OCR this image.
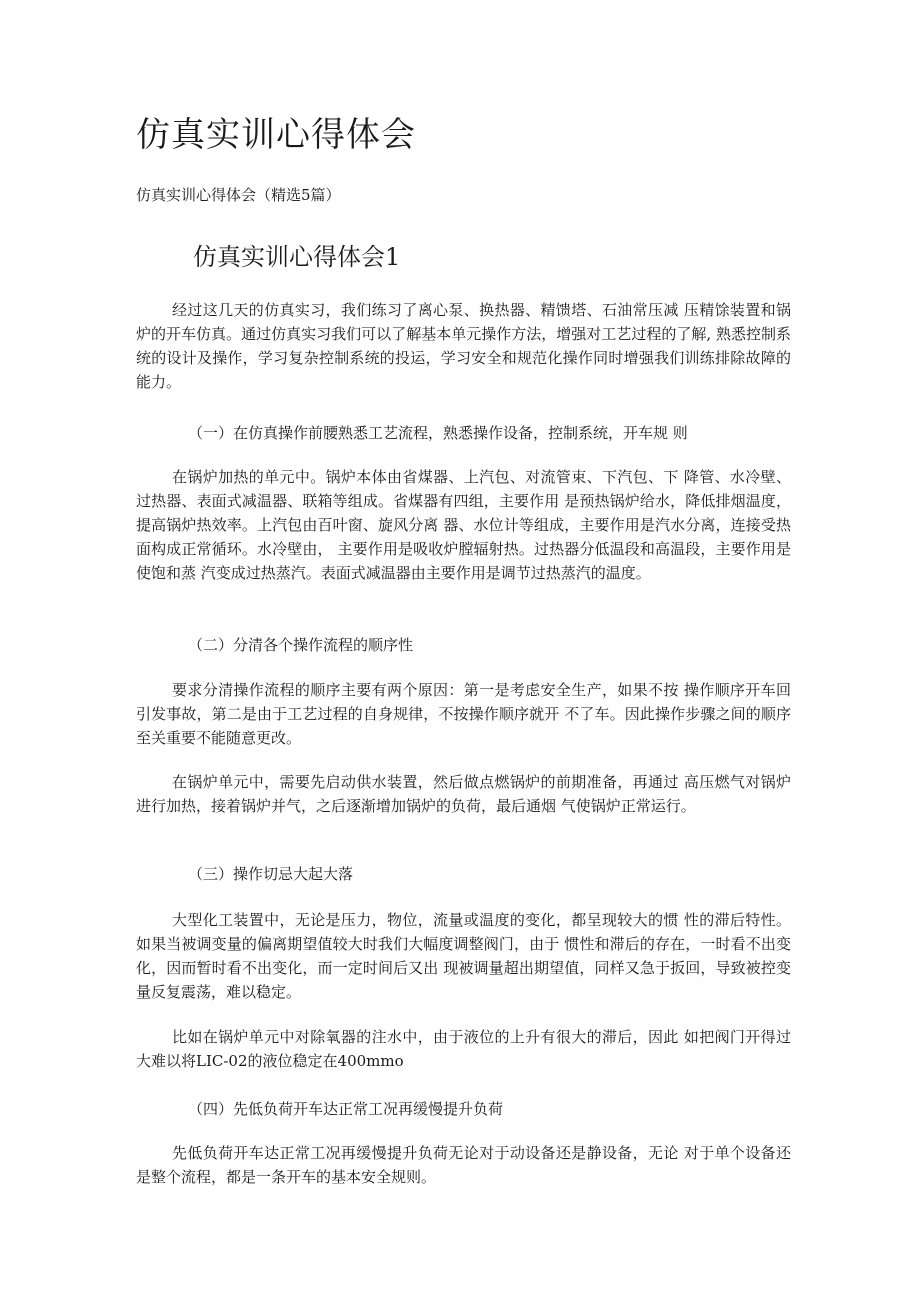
仿真实训心得体会

仿真实训心得体会（精选5篇）

仿真实训心得体会1

经过这几天的仿真实习，我们练习了离心泵、换热器、精馈塔、石油常压减 压精馀装置和锅炉的开车仿真。通过仿真实习我们可以了解基本单元操作方法，增强对工艺过程的了解, 熟悉控制系统的设计及操作，学习复杂控制系统的投运，学习安全和规范化操作同时增强我们训练排除故障的能力。

（一）在仿真操作前腰熟悉工艺流程，熟悉操作设备，控制系统，开车规 则

在锅炉加热的单元中。锅炉本体由省煤器、上汽包、对流管束、下汽包、下 降管、水冷壁、过热器、表面式减温器、联箱等组成。省煤器有四组，主要作用 是预热锅炉给水，降低排烟温度，提高锅炉热效率。上汽包由百叶窗、旋风分离 器、水位计等组成，主要作用是汽水分离，连接受热面构成正常循环。水冷壁由， 主要作用是吸收炉膛辐射热。过热器分低温段和高温段，主要作用是使饱和蒸 汽变成过热蒸汽。表面式减温器由主要作用是调节过热蒸汽的温度。

（二）分清各个操作流程的顺序性

要求分清操作流程的顺序主要有两个原因：第一是考虑安全生产，如果不按 操作顺序开车回引发事故，第二是由于工艺过程的自身规律，不按操作顺序就开 不了车。因此操作步骤之间的顺序至关重要不能随意更改。

在锅炉单元中，需要先启动供水装置，然后做点燃锅炉的前期准备，再通过 高压燃气对锅炉进行加热，接着锅炉并气，之后逐渐增加锅炉的负荷，最后通烟 气使锅炉正常运行。

（三）操作切忌大起大落

大型化工装置中，无论是压力，物位，流量或温度的变化，都呈现较大的惯 性的滞后特性。如果当被调变量的偏离期望值较大时我们大幅度调整阀门，由于 惯性和滞后的存在，一时看不出变化，因而暂时看不出变化，而一定时间后又出 现被调量超出期望值，同样又急于扳回，导致被控变量反复震荡，难以稳定。

比如在锅炉单元中对除氧器的注水中，由于液位的上升有很大的滞后，因此 如把阀门开得过大难以将LIC-02的液位稳定在400mmo

（四）先低负荷开车达正常工况再缓慢提升负荷

先低负荷开车达正常工况再缓慢提升负荷无论对于动设备还是静设备，无论 对于单个设备还是整个流程，都是一条开车的基本安全规则。
